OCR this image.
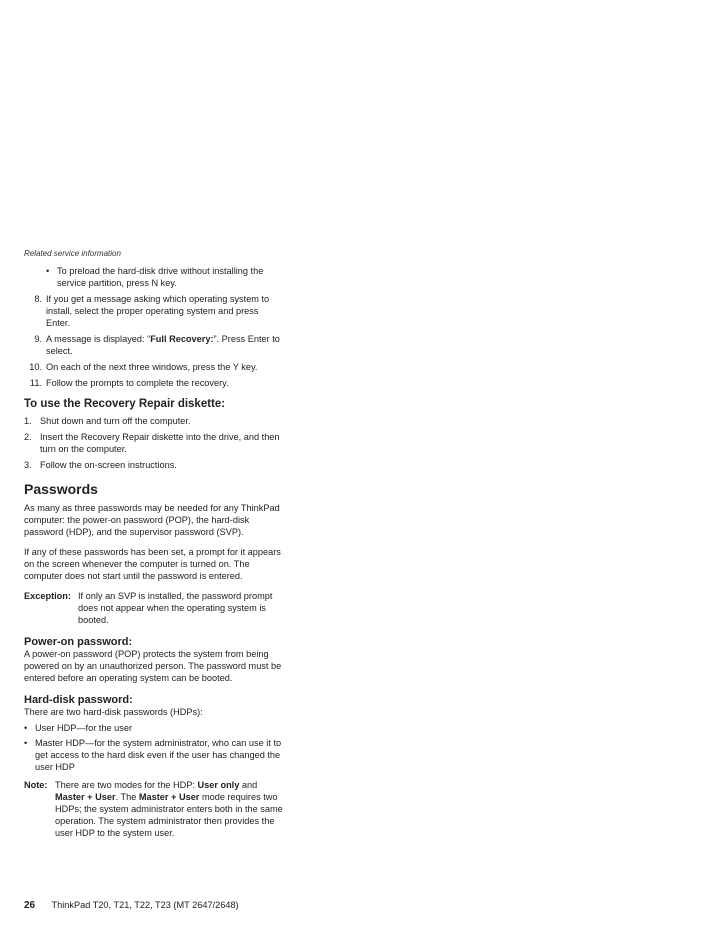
Related service information
• To preload the hard-disk drive without installing the service partition, press N key.
8. If you get a message asking which operating system to install, select the proper operating system and press Enter.
9. A message is displayed: “Full Recovery:”. Press Enter to select.
10. On each of the next three windows, press the Y key.
11. Follow the prompts to complete the recovery.
To use the Recovery Repair diskette:
1. Shut down and turn off the computer.
2. Insert the Recovery Repair diskette into the drive, and then turn on the computer.
3. Follow the on-screen instructions.
Passwords
As many as three passwords may be needed for any ThinkPad computer: the power-on password (POP), the hard-disk password (HDP), and the supervisor password (SVP).
If any of these passwords has been set, a prompt for it appears on the screen whenever the computer is turned on. The computer does not start until the password is entered.
Exception: If only an SVP is installed, the password prompt does not appear when the operating system is booted.
Power-on password:
A power-on password (POP) protects the system from being powered on by an unauthorized person. The password must be entered before an operating system can be booted.
Hard-disk password:
There are two hard-disk passwords (HDPs):
• User HDP—for the user
• Master HDP—for the system administrator, who can use it to get access to the hard disk even if the user has changed the user HDP
Note: There are two modes for the HDP: User only and Master + User. The Master + User mode requires two HDPs; the system administrator enters both in the same operation. The system administrator then provides the user HDP to the system user.
26 ThinkPad T20, T21, T22, T23 (MT 2647/2648)
